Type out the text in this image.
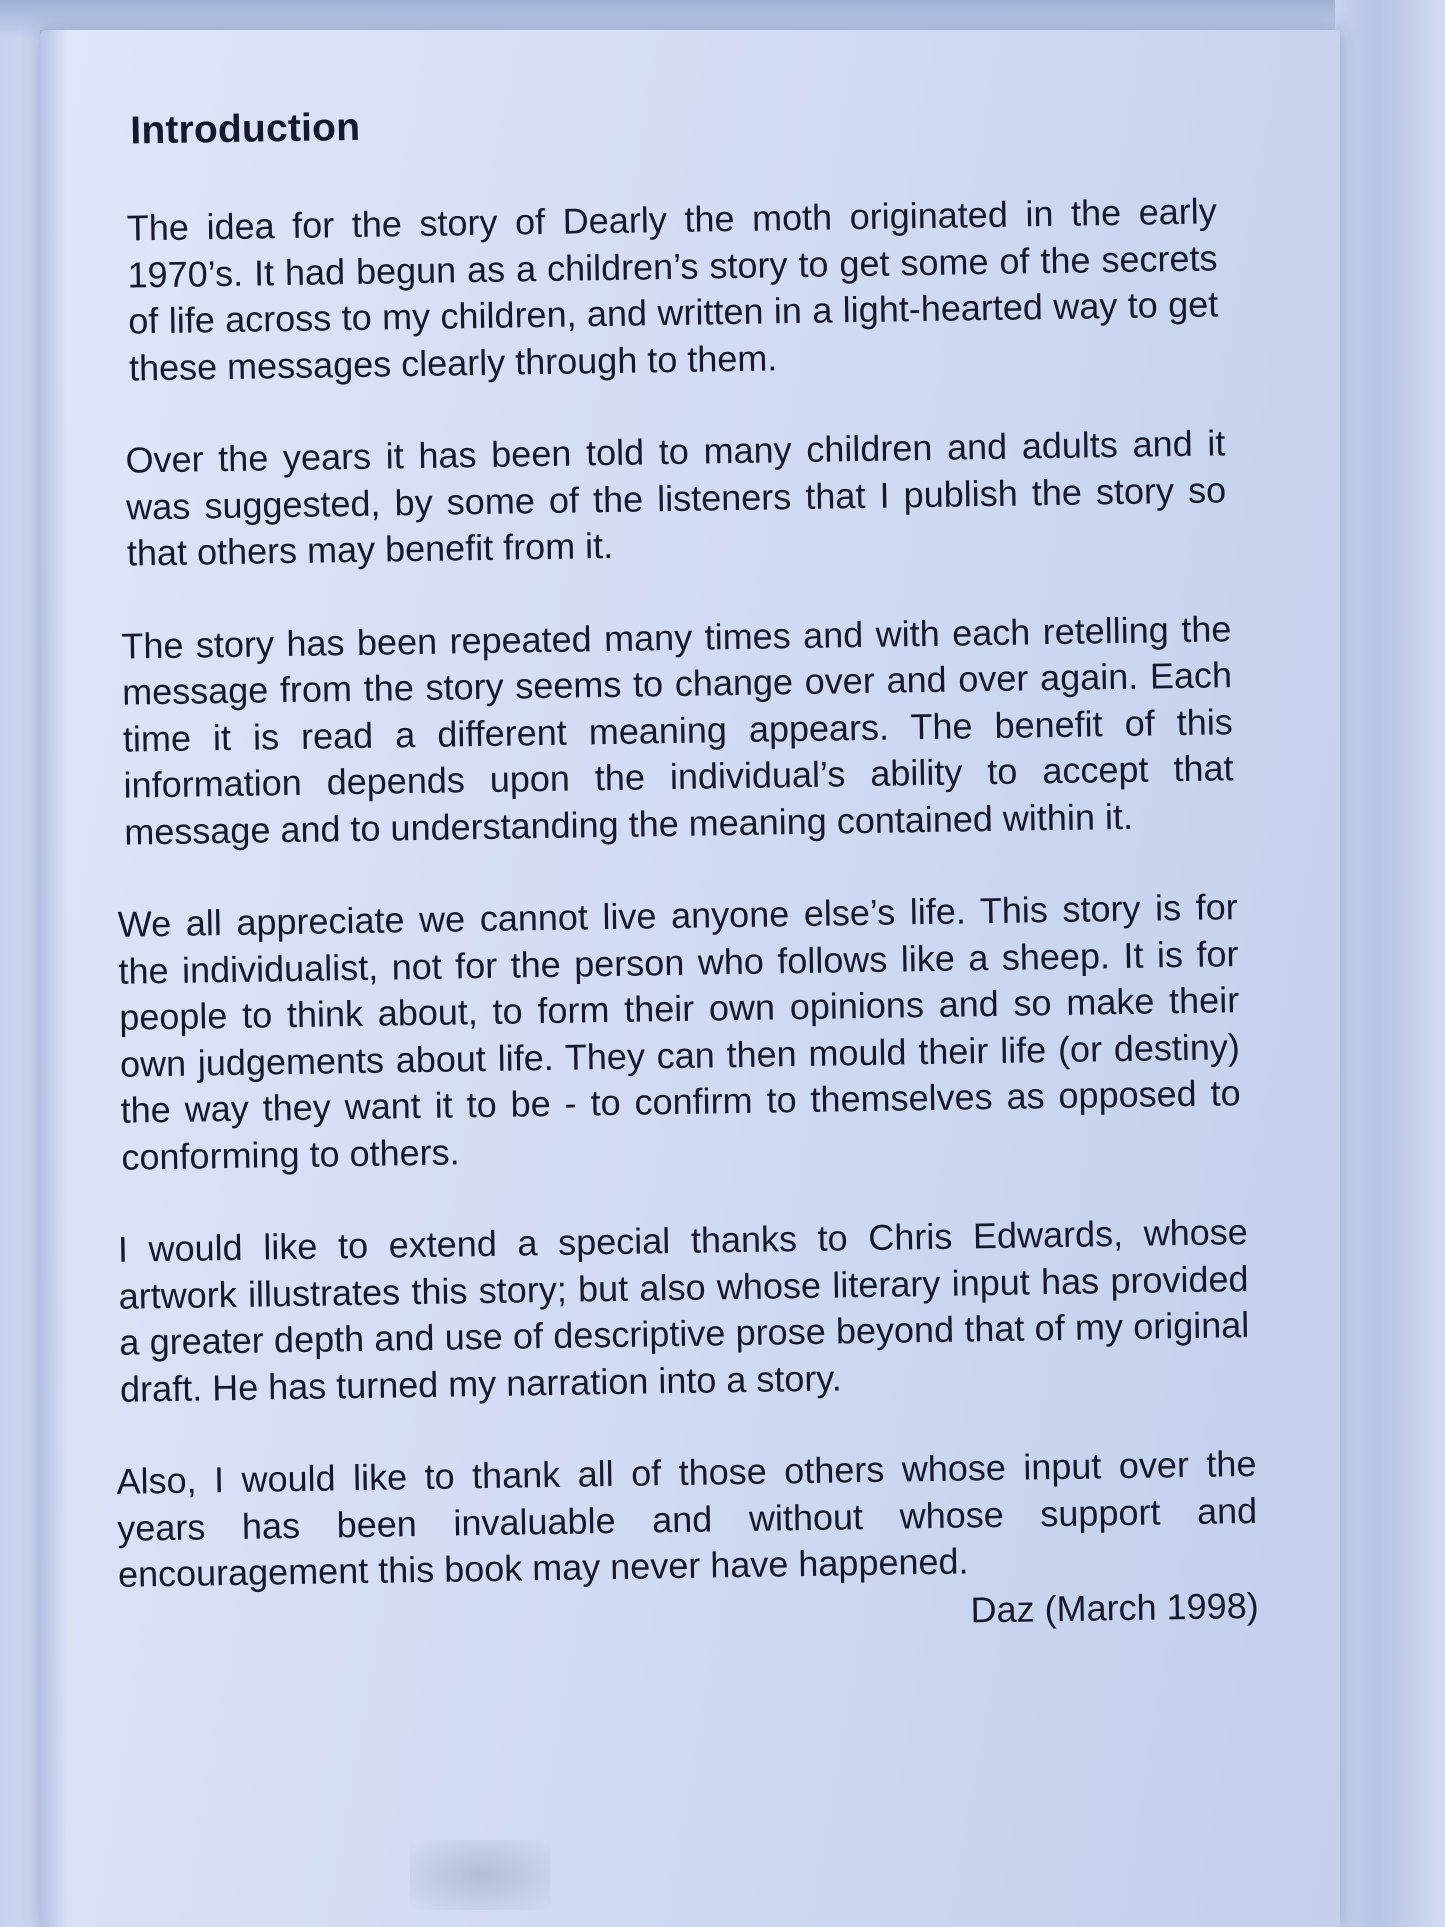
Introduction

The idea for the story of Dearly the moth originated in the early 1970’s. It had begun as a children’s story to get some of the secrets of life across to my children, and written in a light-hearted way to get these messages clearly through to them.

Over the years it has been told to many children and adults and it was suggested, by some of the listeners that I publish the story so that others may benefit from it.

The story has been repeated many times and with each retelling the message from the story seems to change over and over again. Each time it is read a different meaning appears. The benefit of this information depends upon the individual’s ability to accept that message and to understanding the meaning contained within it.

We all appreciate we cannot live anyone else’s life. This story is for the individualist, not for the person who follows like a sheep. It is for people to think about, to form their own opinions and so make their own judgements about life. They can then mould their life (or destiny) the way they want it to be - to confirm to themselves as opposed to conforming to others.

I would like to extend a special thanks to Chris Edwards, whose artwork illustrates this story; but also whose literary input has provided a greater depth and use of descriptive prose beyond that of my original draft. He has turned my narration into a story.

Also, I would like to thank all of those others whose input over the years has been invaluable and without whose support and encouragement this book may never have happened.

Daz (March 1998)
